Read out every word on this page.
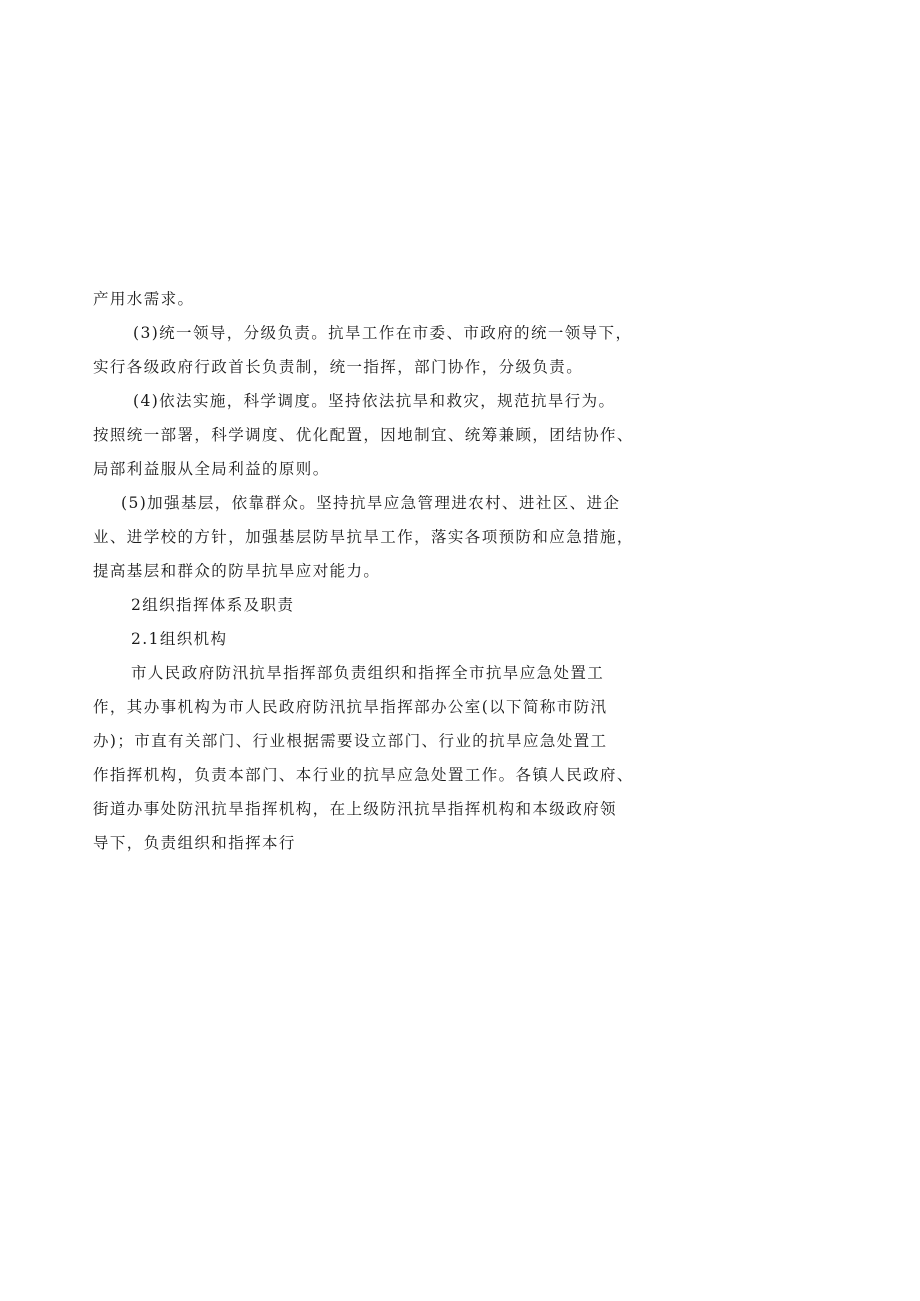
产用水需求。
(3)统一领导，分级负责。抗旱工作在市委、市政府的统一领导下，
实行各级政府行政首长负责制，统一指挥，部门协作，分级负责。
(4)依法实施，科学调度。坚持依法抗旱和救灾，规范抗旱行为。
按照统一部署，科学调度、优化配置，因地制宜、统筹兼顾，团结协作、
局部利益服从全局利益的原则。
(5)加强基层，依靠群众。坚持抗旱应急管理进农村、进社区、进企
业、进学校的方针，加强基层防旱抗旱工作，落实各项预防和应急措施，
提高基层和群众的防旱抗旱应对能力。
2组织指挥体系及职责
2.1组织机构
市人民政府防汛抗旱指挥部负责组织和指挥全市抗旱应急处置工
作，其办事机构为市人民政府防汛抗旱指挥部办公室(以下简称市防汛
办)；市直有关部门、行业根据需要设立部门、行业的抗旱应急处置工
作指挥机构，负责本部门、本行业的抗旱应急处置工作。各镇人民政府、
街道办事处防汛抗旱指挥机构，在上级防汛抗旱指挥机构和本级政府领
导下，负责组织和指挥本行
